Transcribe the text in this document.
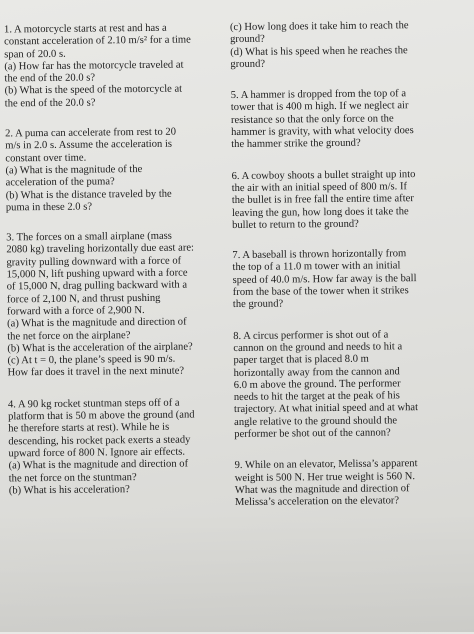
1. A motorcycle starts at rest and has a

constant acceleration of 2.10 m/s² for a time

span of 20.0 s.

(a) How far has the motorcycle traveled at

the end of the 20.0 s?

(b) What is the speed of the motorcycle at

the end of the 20.0 s?

2. A puma can accelerate from rest to 20

m/s in 2.0 s. Assume the acceleration is

constant over time.

(a) What is the magnitude of the

acceleration of the puma?

(b) What is the distance traveled by the

puma in these 2.0 s?

3. The forces on a small airplane (mass

2080 kg) traveling horizontally due east are:

gravity pulling downward with a force of

15,000 N, lift pushing upward with a force

of 15,000 N, drag pulling backward with a

force of 2,100 N, and thrust pushing

forward with a force of 2,900 N.

(a) What is the magnitude and direction of

the net force on the airplane?

(b) What is the acceleration of the airplane?

(c) At t = 0, the plane’s speed is 90 m/s.

How far does it travel in the next minute?

4. A 90 kg rocket stuntman steps off of a

platform that is 50 m above the ground (and

he therefore starts at rest). While he is

descending, his rocket pack exerts a steady

upward force of 800 N. Ignore air effects.

(a) What is the magnitude and direction of

the net force on the stuntman?

(b) What is his acceleration?

(c) How long does it take him to reach the

ground?

(d) What is his speed when he reaches the

ground?

5. A hammer is dropped from the top of a

tower that is 400 m high. If we neglect air

resistance so that the only force on the

hammer is gravity, with what velocity does

the hammer strike the ground?

6. A cowboy shoots a bullet straight up into

the air with an initial speed of 800 m/s. If

the bullet is in free fall the entire time after

leaving the gun, how long does it take the

bullet to return to the ground?

7. A baseball is thrown horizontally from

the top of a 11.0 m tower with an initial

speed of 40.0 m/s. How far away is the ball

from the base of the tower when it strikes

the ground?

8. A circus performer is shot out of a

cannon on the ground and needs to hit a

paper target that is placed 8.0 m

horizontally away from the cannon and

6.0 m above the ground. The performer

needs to hit the target at the peak of his

trajectory. At what initial speed and at what

angle relative to the ground should the

performer be shot out of the cannon?

9. While on an elevator, Melissa’s apparent

weight is 500 N. Her true weight is 560 N.

What was the magnitude and direction of

Melissa’s acceleration on the elevator?
